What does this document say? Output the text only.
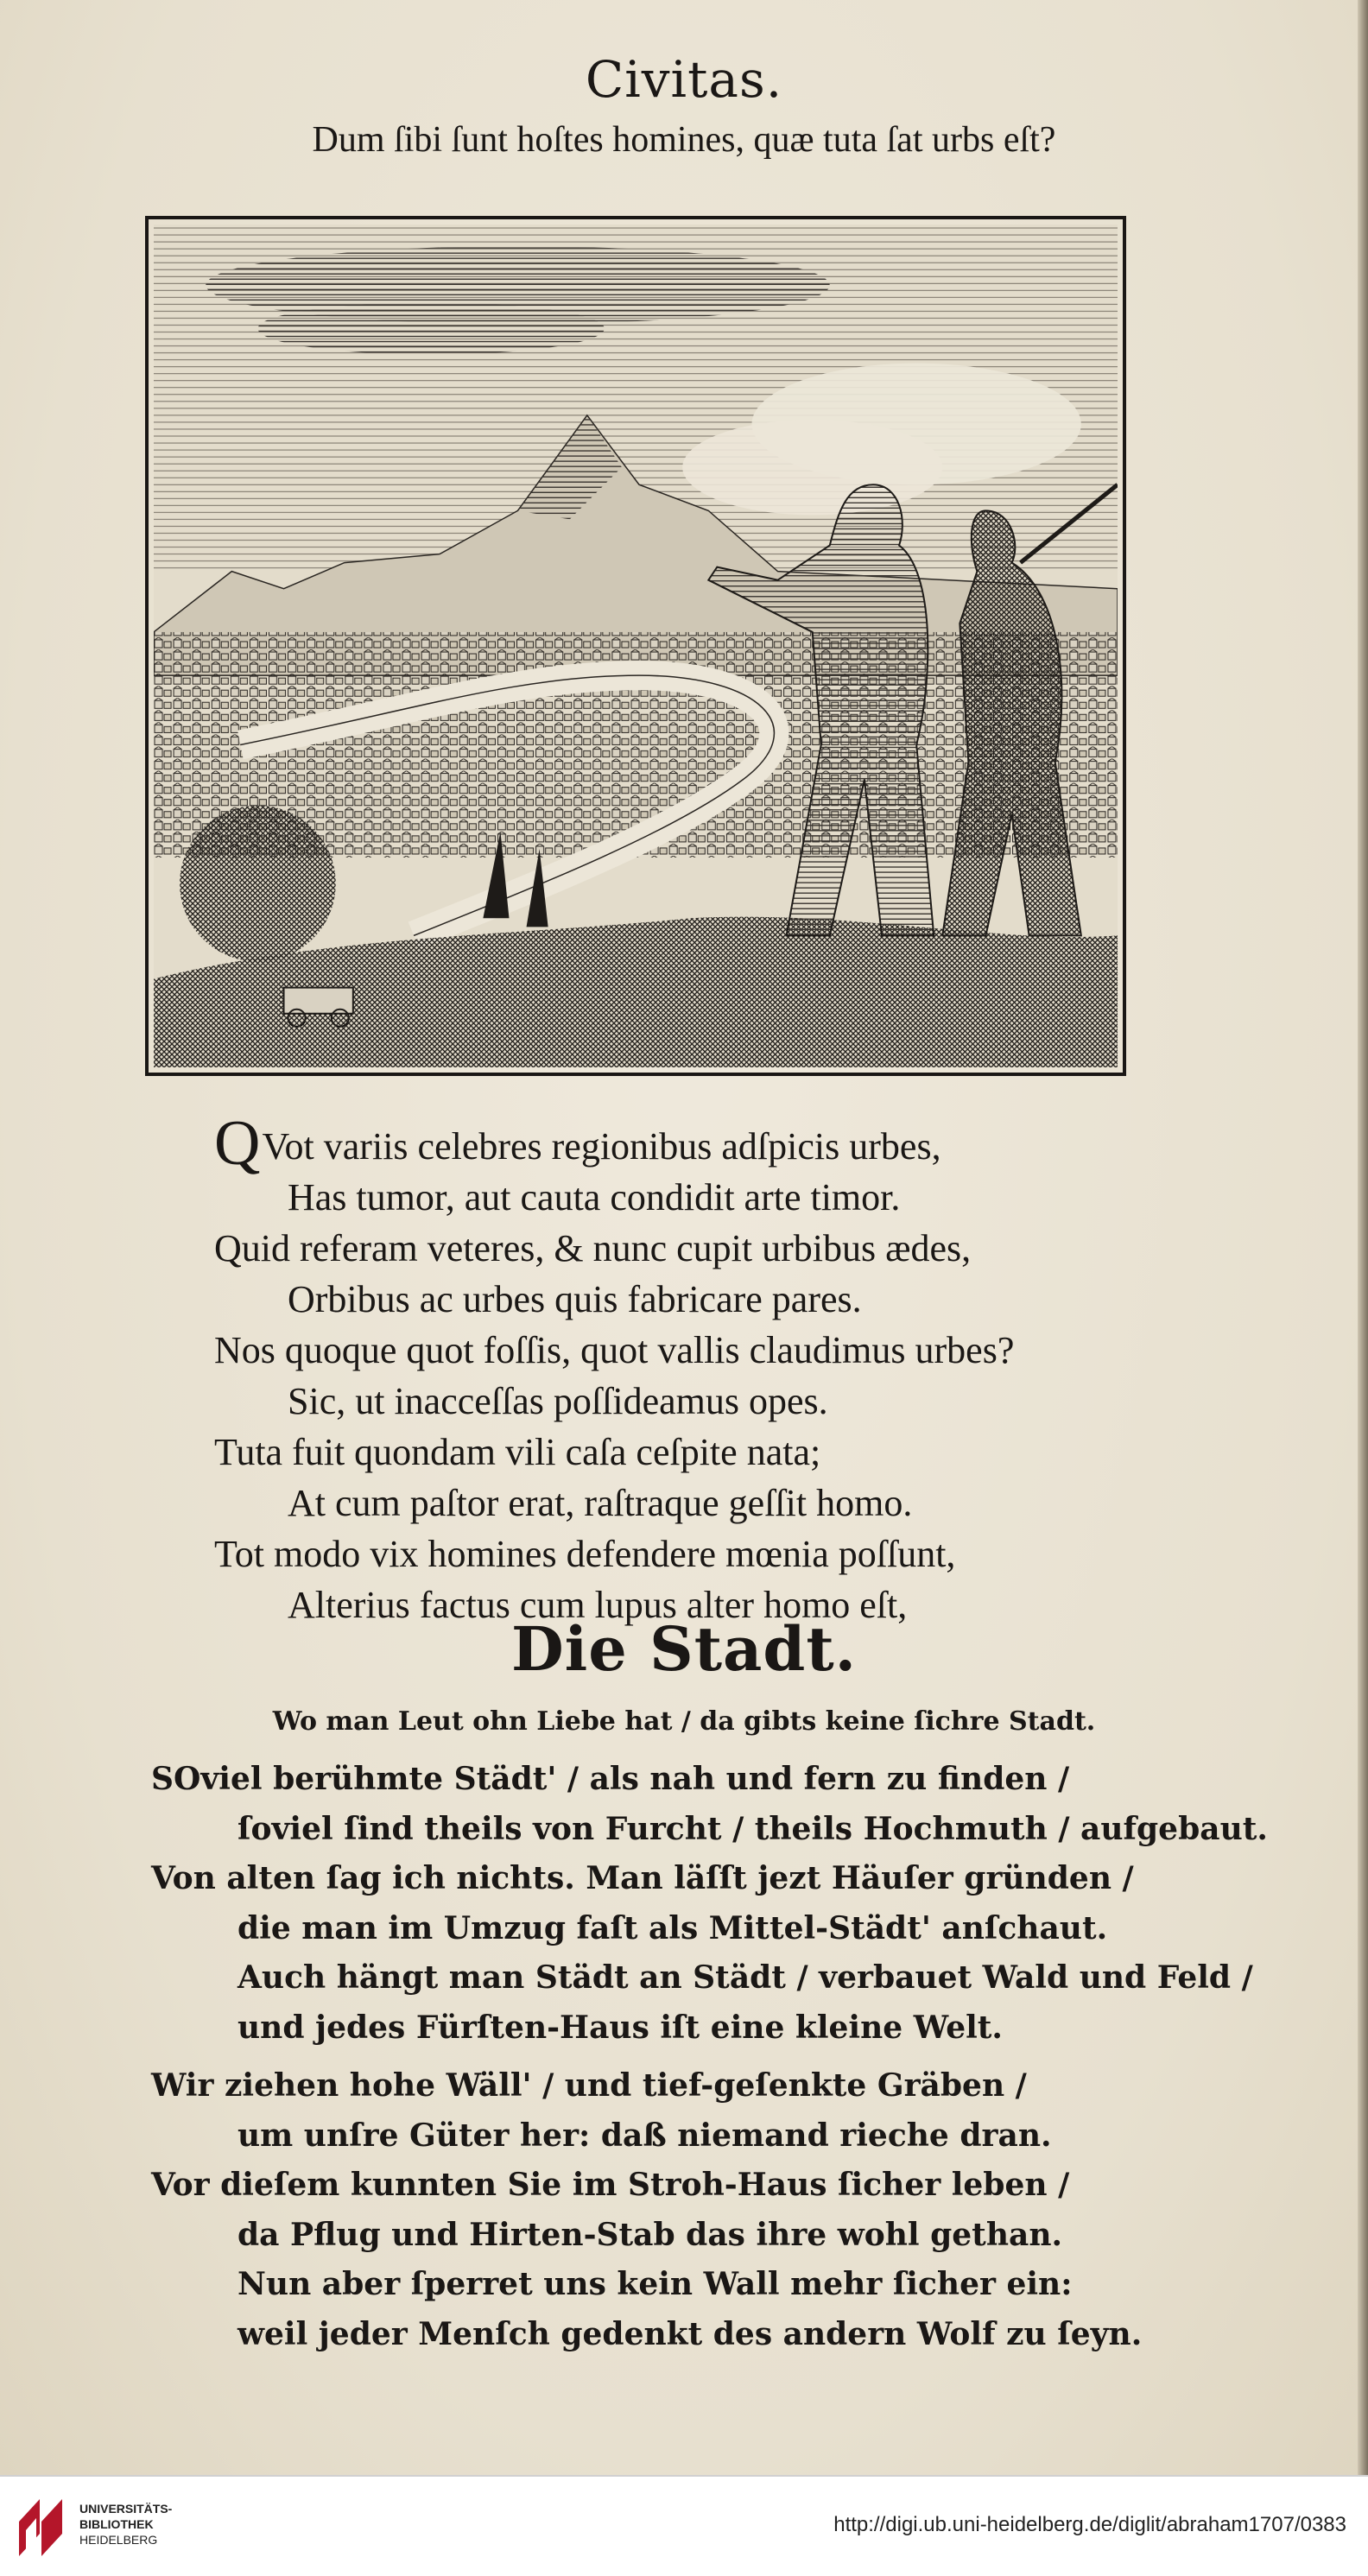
Civitas.
Dum ſibi ſunt hoſtes homines, quæ tuta ſat urbs eſt?
QVot variis celebres regionibus adſpicis urbes,
Has tumor, aut cauta condidit arte timor.
Quid referam veteres, & nunc cupit urbibus ædes,
Orbibus ac urbes quis fabricare pares.
Nos quoque quot foſſis, quot vallis claudimus urbes?
Sic, ut inacceſſas poſſideamus opes.
Tuta fuit quondam vili caſa ceſpite nata;
At cum paſtor erat, raſtraque geſſit homo.
Tot modo vix homines defendere mœnia poſſunt,
Alterius factus cum lupus alter homo eſt,
Die Stadt.
Wo man Leut ohn Liebe hat / da gibts keine ſichre Stadt.
SOviel berühmte Städt' / als nah und fern zu finden /
ſoviel ſind theils von Furcht / theils Hochmuth / aufgebaut.
Von alten ſag ich nichts. Man läſſt jezt Häuſer gründen /
die man im Umzug faſt als Mittel-Städt' anſchaut.
Auch hängt man Städt an Städt / verbauet Wald und Feld /
und jedes Fürſten-Haus iſt eine kleine Welt.
Wir ziehen hohe Wäll' / und tief-geſenkte Gräben /
um unſre Güter her: daß niemand rieche dran.
Vor dieſem kunnten Sie im Stroh-Haus ſicher leben /
da Pflug und Hirten-Stab das ihre wohl gethan.
Nun aber ſperret uns kein Wall mehr ſicher ein:
weil jeder Menſch gedenkt des andern Wolf zu ſeyn.
UNIVERSITÄTS-
BIBLIOTHEK
HEIDELBERG
http://digi.ub.uni-heidelberg.de/diglit/abraham1707/0383
